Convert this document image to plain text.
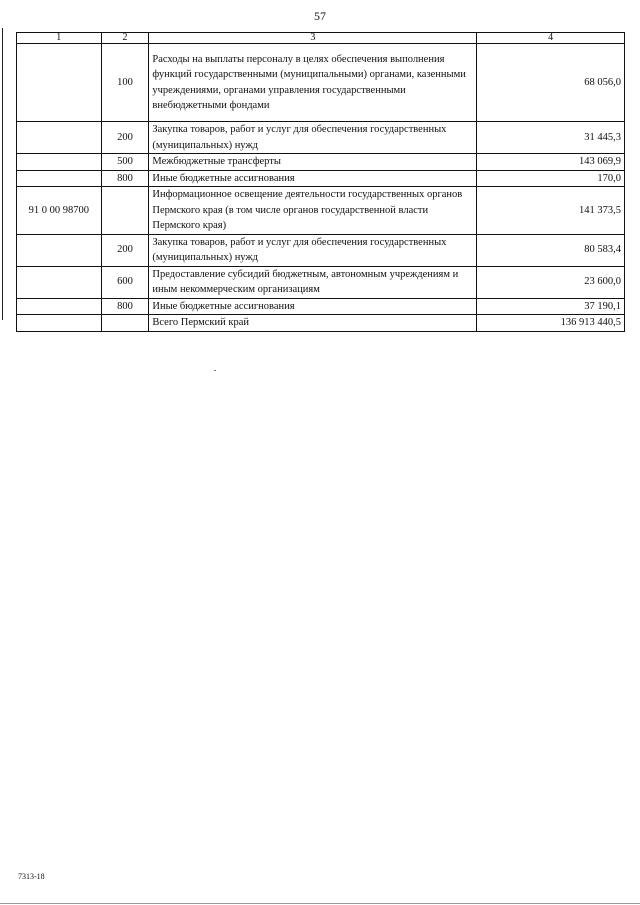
57
1	2	3	4
	100	Расходы на выплаты персоналу в целях обеспечения выполнения функций государственными (муниципальными) органами, казенными учреждениями, органами управления государственными внебюджетными фондами	68 056,0
	200	Закупка товаров, работ и услуг для обеспечения государственных (муниципальных) нужд	31 445,3
	500	Межбюджетные трансферты	143 069,9
	800	Иные бюджетные ассигнования	170,0
91 0 00 98700		Информационное освещение деятельности государственных органов Пермского края (в том числе органов государственной власти Пермского края)	141 373,5
	200	Закупка товаров, работ и услуг для обеспечения государственных (муниципальных) нужд	80 583,4
	600	Предоставление субсидий бюджетным, автономным учреждениям и иным некоммерческим организациям	23 600,0
	800	Иные бюджетные ассигнования	37 190,1
		Всего Пермский край	136 913 440,5
7313-18
